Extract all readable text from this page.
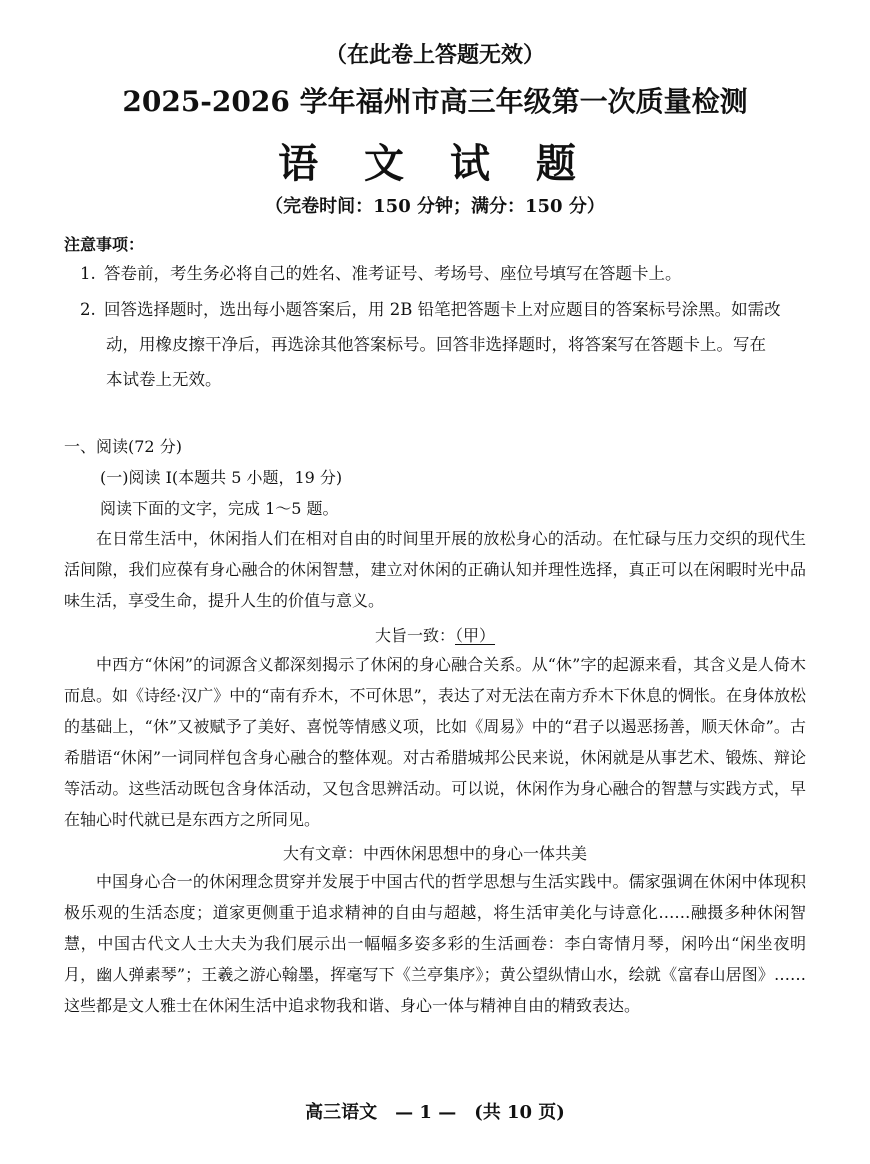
（在此卷上答题无效）
2025-2026 学年福州市高三年级第一次质量检测
语 文 试 题
（完卷时间：150 分钟；满分：150 分）
注意事项：
1. 答卷前，考生务必将自己的姓名、准考证号、考场号、座位号填写在答题卡上。
2. 回答选择题时，选出每小题答案后，用 2B 铅笔把答题卡上对应题目的答案标号涂黑。如需改
动，用橡皮擦干净后，再选涂其他答案标号。回答非选择题时，将答案写在答题卡上。写在
本试卷上无效。
一、阅读(72 分)
(一)阅读 I(本题共 5 小题，19 分)
阅读下面的文字，完成 1～5 题。
在日常生活中，休闲指人们在相对自由的时间里开展的放松身心的活动。在忙碌与压力交织的现代生活间隙，我们应葆有身心融合的休闲智慧，建立对休闲的正确认知并理性选择，真正可以在闲暇时光中品味生活，享受生命，提升人生的价值与意义。
大旨一致：（甲）
中西方“休闲”的词源含义都深刻揭示了休闲的身心融合关系。从“休”字的起源来看，其含义是人倚木而息。如《诗经·汉广》中的“南有乔木，不可休思”，表达了对无法在南方乔木下休息的惆怅。在身体放松的基础上，“休”又被赋予了美好、喜悦等情感义项，比如《周易》中的“君子以遏恶扬善，顺天休命”。古希腊语“休闲”一词同样包含身心融合的整体观。对古希腊城邦公民来说，休闲就是从事艺术、锻炼、辩论等活动。这些活动既包含身体活动，又包含思辨活动。可以说，休闲作为身心融合的智慧与实践方式，早在轴心时代就已是东西方之所同见。
大有文章：中西休闲思想中的身心一体共美
中国身心合一的休闲理念贯穿并发展于中国古代的哲学思想与生活实践中。儒家强调在休闲中体现积极乐观的生活态度；道家更侧重于追求精神的自由与超越，将生活审美化与诗意化……融摄多种休闲智慧，中国古代文人士大夫为我们展示出一幅幅多姿多彩的生活画卷：李白寄情月琴，闲吟出“闲坐夜明月，幽人弹素琴”；王羲之游心翰墨，挥毫写下《兰亭集序》；黄公望纵情山水，绘就《富春山居图》……这些都是文人雅士在休闲生活中追求物我和谐、身心一体与精神自由的精致表达。
高三语文　— 1 —　(共 10 页)
